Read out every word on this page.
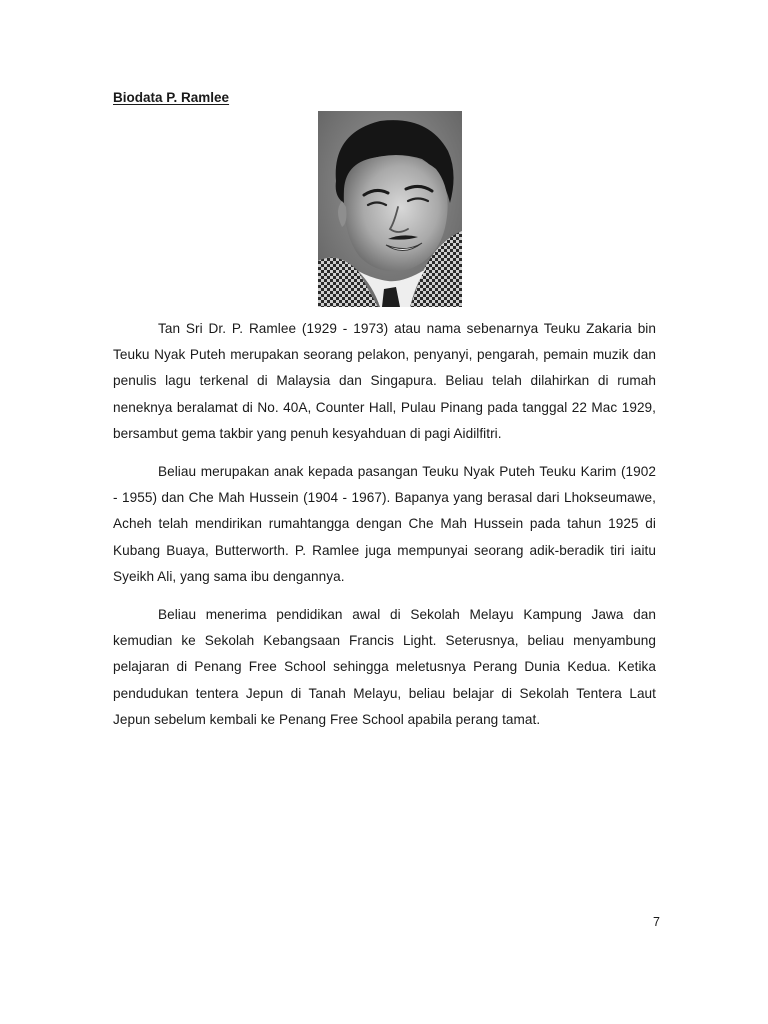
Biodata P. Ramlee

Tan Sri Dr. P. Ramlee (1929 - 1973) atau nama sebenarnya Teuku Zakaria bin Teuku Nyak Puteh merupakan seorang pelakon, penyanyi, pengarah, pemain muzik dan penulis lagu terkenal di Malaysia dan Singapura. Beliau telah dilahirkan di rumah neneknya beralamat di No. 40A, Counter Hall, Pulau Pinang pada tanggal 22 Mac 1929, bersambut gema takbir yang penuh kesyahduan di pagi Aidilfitri.

Beliau merupakan anak kepada pasangan Teuku Nyak Puteh Teuku Karim (1902 - 1955) dan Che Mah Hussein (1904 - 1967). Bapanya yang berasal dari Lhokseumawe, Acheh telah mendirikan rumahtangga dengan Che Mah Hussein pada tahun 1925 di Kubang Buaya, Butterworth. P. Ramlee juga mempunyai seorang adik-beradik tiri iaitu Syeikh Ali, yang sama ibu dengannya.

Beliau menerima pendidikan awal di Sekolah Melayu Kampung Jawa dan kemudian ke Sekolah Kebangsaan Francis Light. Seterusnya, beliau menyambung pelajaran di Penang Free School sehingga meletusnya Perang Dunia Kedua. Ketika pendudukan tentera Jepun di Tanah Melayu, beliau belajar di Sekolah Tentera Laut Jepun sebelum kembali ke Penang Free School apabila perang tamat.

7
